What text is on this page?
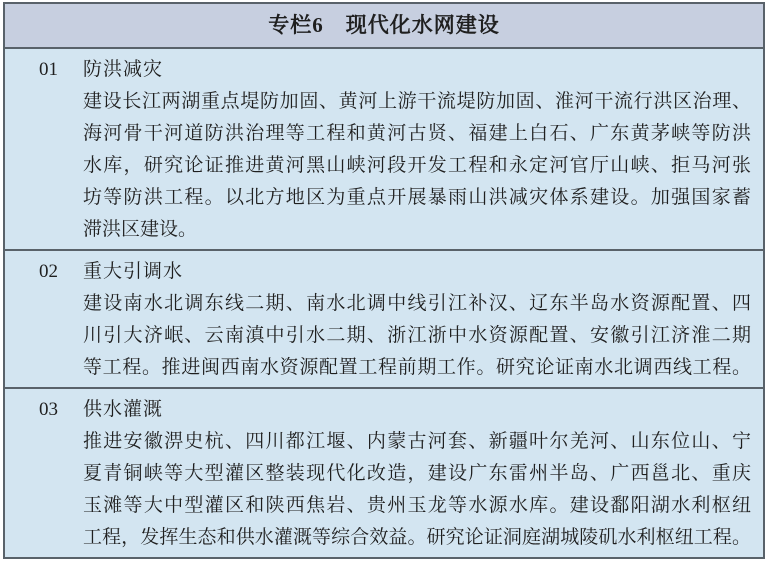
专栏6　现代化水网建设
01	防洪减灾
建设长江两湖重点堤防加固、黄河上游干流堤防加固、淮河干流行洪区治理、
海河骨干河道防洪治理等工程和黄河古贤、福建上白石、广东黄茅峡等防洪
水库，研究论证推进黄河黑山峡河段开发工程和永定河官厅山峡、拒马河张
坊等防洪工程。以北方地区为重点开展暴雨山洪减灾体系建设。加强国家蓄
滞洪区建设。
02	重大引调水
建设南水北调东线二期、南水北调中线引江补汉、辽东半岛水资源配置、四
川引大济岷、云南滇中引水二期、浙江浙中水资源配置、安徽引江济淮二期
等工程。推进闽西南水资源配置工程前期工作。研究论证南水北调西线工程。
03	供水灌溉
推进安徽淠史杭、四川都江堰、内蒙古河套、新疆叶尔羌河、山东位山、宁
夏青铜峡等大型灌区整装现代化改造，建设广东雷州半岛、广西邕北、重庆
玉滩等大中型灌区和陕西焦岩、贵州玉龙等水源水库。建设鄱阳湖水利枢纽
工程，发挥生态和供水灌溉等综合效益。研究论证洞庭湖城陵矶水利枢纽工程。
